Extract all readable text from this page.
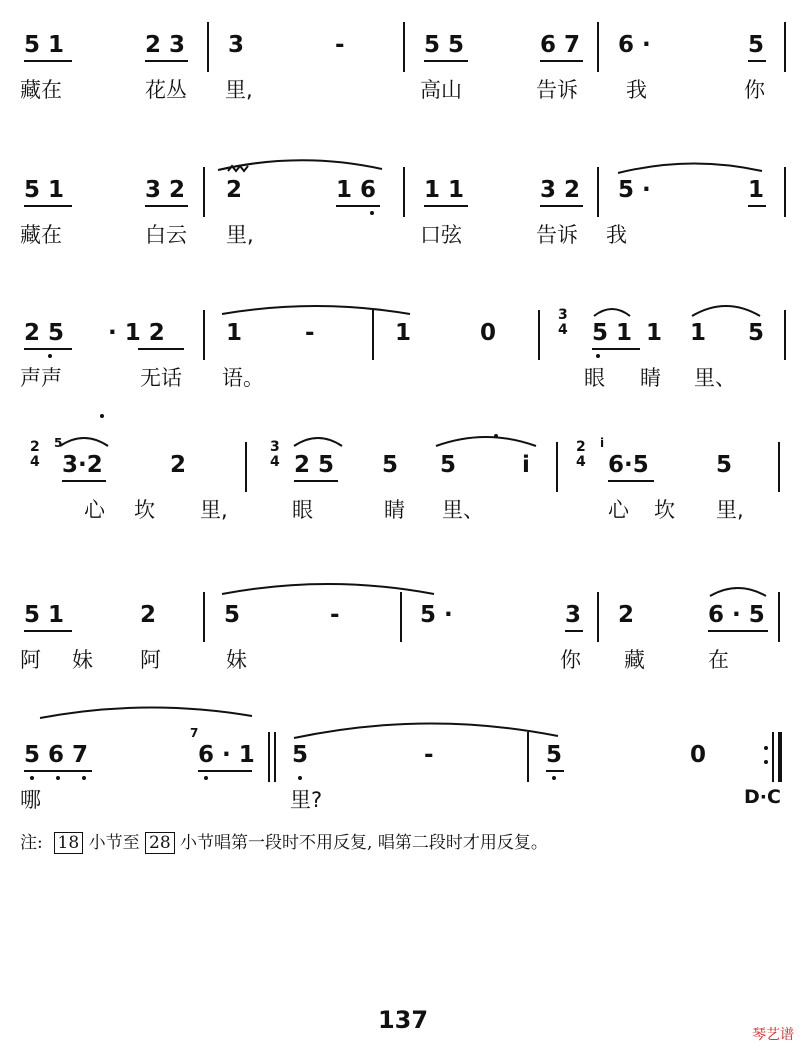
5 1	2 3 3	-	5 5	6 7 6 ·	5
藏在	花丛 里,	高山	告诉 我	你
5 1	3 2 2	1 6 1 1	3 2 5 ·	1
藏在	白云 里,	口弦	告诉 我
2 5 · 1 2	1	-	1	0
3
4 5 1 1 1 5
声声	无话 语。	眼 睛 里、
2
4
5
3·2	2
3
4 2 5 5 5	i
2
4
i
6·5	5
心 坎 里,	眼	睛 里、	心 坎 里,
5 1	2	5	-	5 ·	3 2	6 · 5
阿 妹 阿	妹	你 藏	在
5 6 7
7
6 · 1 5	-	5	0
哪	里?	D·C
注: 18 小节至 28 小节唱第一段时不用反复, 唱第二段时才用反复。
137
琴艺谱
